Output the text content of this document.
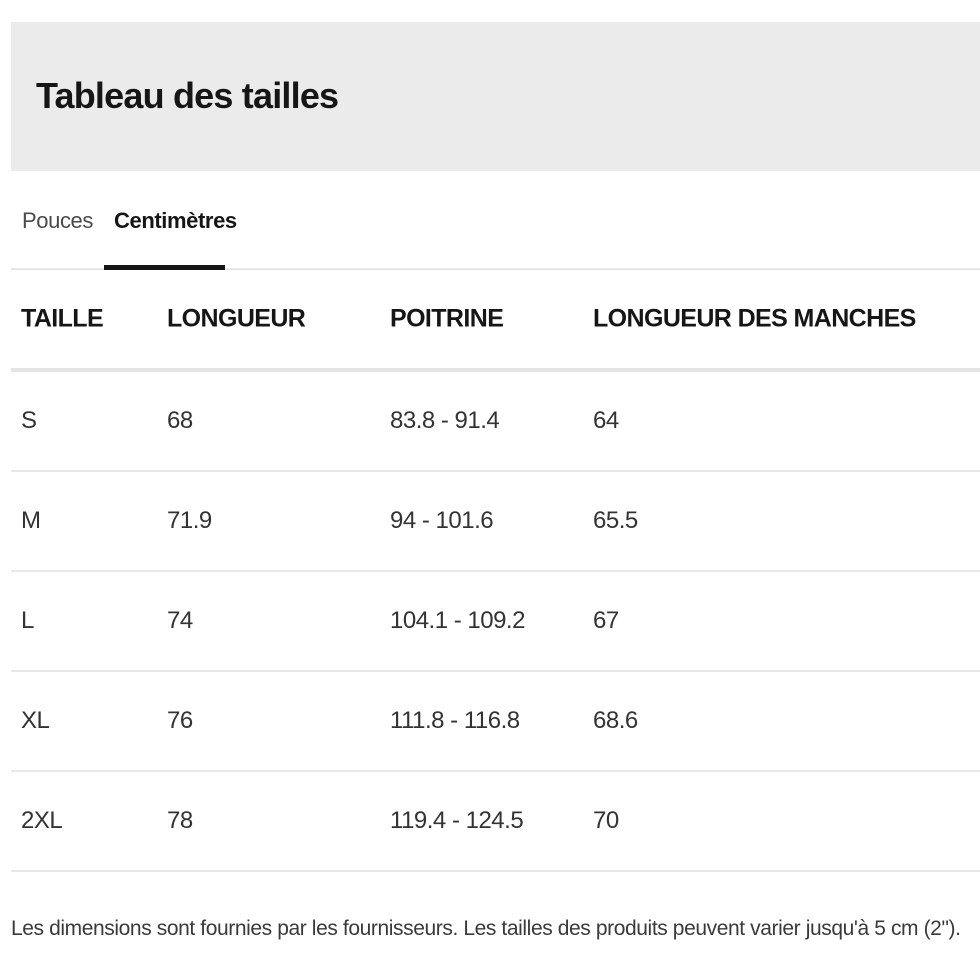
Tableau des tailles
Pouces Centimètres
TAILLE	LONGUEUR	POITRINE	LONGUEUR DES MANCHES
S	68	83.8 - 91.4	64
M	71.9	94 - 101.6	65.5
L	74	104.1 - 109.2	67
XL	76	111.8 - 116.8	68.6
2XL	78	119.4 - 124.5	70
Les dimensions sont fournies par les fournisseurs. Les tailles des produits peuvent varier jusqu'à 5 cm (2").
